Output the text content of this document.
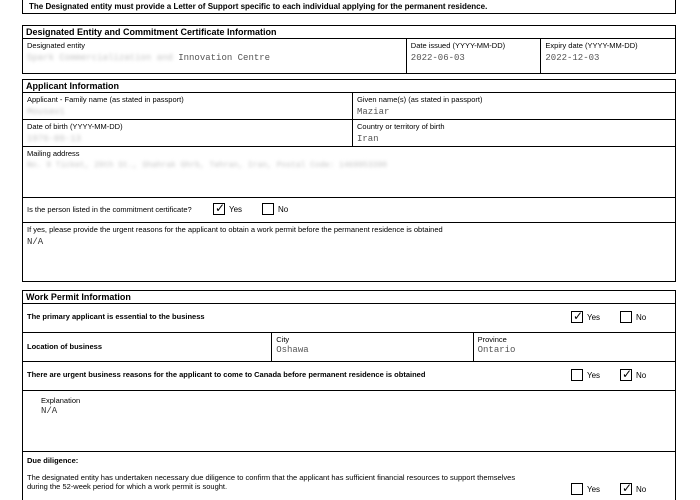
The Designated entity must provide a Letter of Support specific to each individual applying for the permanent residence.
Designated Entity and Commitment Certificate Information
Designated entity
Spark Commercialization and Innovation Centre
Date issued (YYYY-MM-DD)
2022-06-03
Expiry date (YYYY-MM-DD)
2022-12-03
Applicant Information
Applicant - Family name (as stated in passport)
Mousavi
Given name(s) (as stated in passport)
Maziar
Date of birth (YYYY-MM-DD)
1976-09-13
Country or territory of birth
Iran
Mailing address
No. 9 Ticket, 29th St., Shahrak Ghrb, Tehran, Iran, Postal Code: 1469953390
Is the person listed in the commitment certificate? ✓	Yes	No
If yes, please provide the urgent reasons for the applicant to obtain a work permit before the permanent residence is obtained
N/A
Work Permit Information
The primary applicant is essential to the business ✓	Yes	No
Location of business
City
Oshawa
Province
Ontario
There are urgent business reasons for the applicant to come to Canada before permanent residence is obtained	Yes ✓	No
Explanation
N/A
Due diligence:
The designated entity has undertaken necessary due diligence to confirm that the applicant has sufficient financial resources to support themselves
during the 52-week period for which a work permit is sought.	Yes ✓	No
